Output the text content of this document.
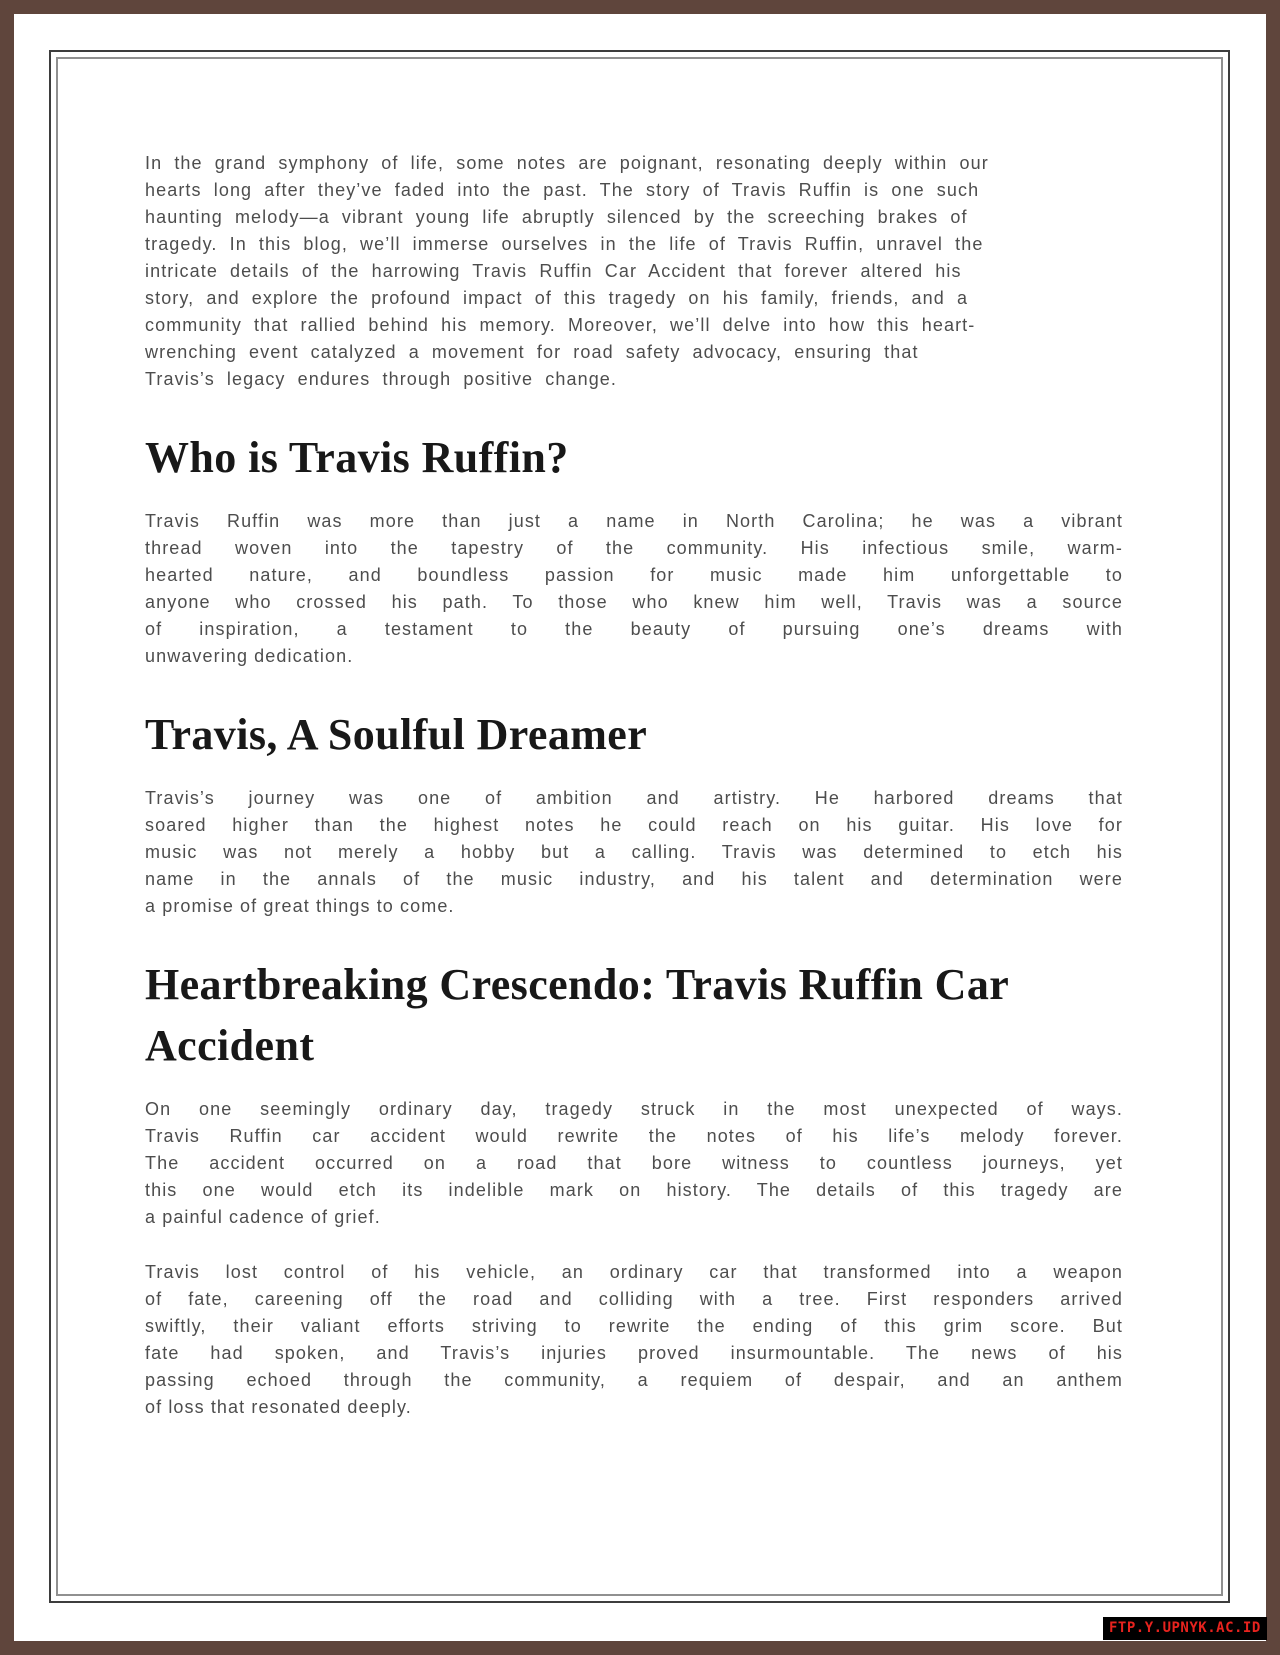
In the grand symphony of life, some notes are poignant, resonating deeply within our
hearts long after they’ve faded into the past. The story of Travis Ruffin is one such
haunting melody—a vibrant young life abruptly silenced by the screeching brakes of
tragedy. In this blog, we’ll immerse ourselves in the life of Travis Ruffin, unravel the
intricate details of the harrowing Travis Ruffin Car Accident that forever altered his
story, and explore the profound impact of this tragedy on his family, friends, and a
community that rallied behind his memory. Moreover, we’ll delve into how this heart-
wrenching event catalyzed a movement for road safety advocacy, ensuring that
Travis’s legacy endures through positive change.
Who is Travis Ruffin?
Travis Ruffin was more than just a name in North Carolina; he was a vibrant
thread woven into the tapestry of the community. His infectious smile, warm-
hearted nature, and boundless passion for music made him unforgettable to
anyone who crossed his path. To those who knew him well, Travis was a source
of inspiration, a testament to the beauty of pursuing one’s dreams with
unwavering dedication.
Travis, A Soulful Dreamer
Travis’s journey was one of ambition and artistry. He harbored dreams that
soared higher than the highest notes he could reach on his guitar. His love for
music was not merely a hobby but a calling. Travis was determined to etch his
name in the annals of the music industry, and his talent and determination were
a promise of great things to come.
Heartbreaking Crescendo: Travis Ruffin Car Accident
On one seemingly ordinary day, tragedy struck in the most unexpected of ways.
Travis Ruffin car accident would rewrite the notes of his life’s melody forever.
The accident occurred on a road that bore witness to countless journeys, yet
this one would etch its indelible mark on history. The details of this tragedy are
a painful cadence of grief.
Travis lost control of his vehicle, an ordinary car that transformed into a weapon
of fate, careening off the road and colliding with a tree. First responders arrived
swiftly, their valiant efforts striving to rewrite the ending of this grim score. But
fate had spoken, and Travis’s injuries proved insurmountable. The news of his
passing echoed through the community, a requiem of despair, and an anthem
of loss that resonated deeply.
FTP.Y.UPNYK.AC.ID
